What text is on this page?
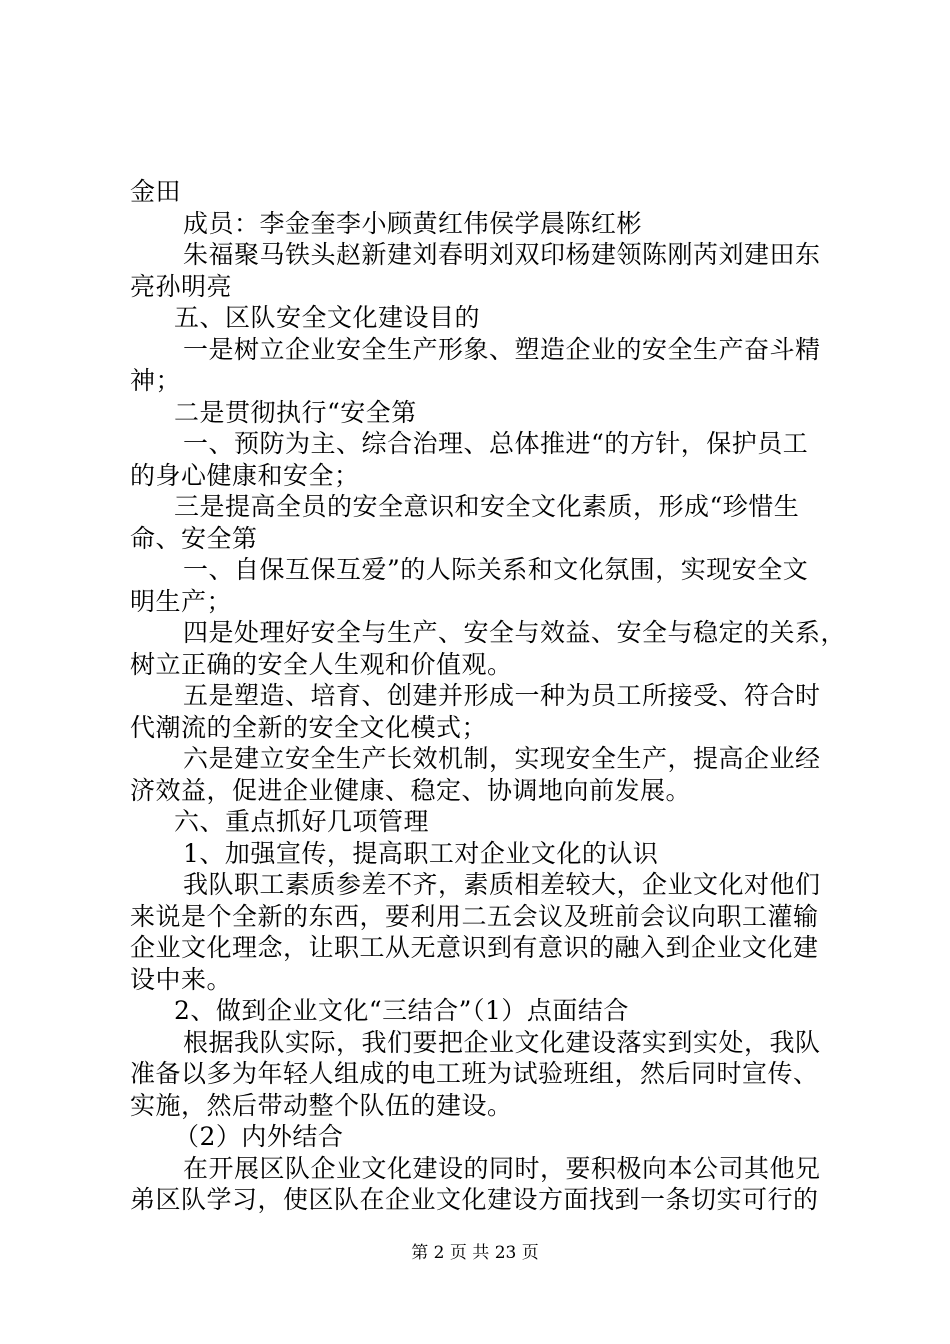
金田
成员：李金奎李小顾黄红伟侯学晨陈红彬
朱福聚马铁头赵新建刘春明刘双印杨建领陈刚芮刘建田东
亮孙明亮
五、区队安全文化建设目的
一是树立企业安全生产形象、塑造企业的安全生产奋斗精
神；
二是贯彻执行“安全第
一、预防为主、综合治理、总体推进“的方针，保护员工
的身心健康和安全；
三是提高全员的安全意识和安全文化素质，形成“珍惜生
命、安全第
一、自保互保互爱”的人际关系和文化氛围，实现安全文
明生产；
四是处理好安全与生产、安全与效益、安全与稳定的关系，
树立正确的安全人生观和价值观。
五是塑造、培育、创建并形成一种为员工所接受、符合时
代潮流的全新的安全文化模式；
六是建立安全生产长效机制，实现安全生产，提高企业经
济效益，促进企业健康、稳定、协调地向前发展。
六、重点抓好几项管理
1、加强宣传，提高职工对企业文化的认识
我队职工素质参差不齐，素质相差较大，企业文化对他们
来说是个全新的东西，要利用二五会议及班前会议向职工灌输
企业文化理念，让职工从无意识到有意识的融入到企业文化建
设中来。
2、做到企业文化“三结合”（1）点面结合
根据我队实际，我们要把企业文化建设落实到实处，我队
准备以多为年轻人组成的电工班为试验班组，然后同时宣传、
实施，然后带动整个队伍的建设。
（2）内外结合
在开展区队企业文化建设的同时，要积极向本公司其他兄
弟区队学习，使区队在企业文化建设方面找到一条切实可行的
第 2 页 共 23 页
